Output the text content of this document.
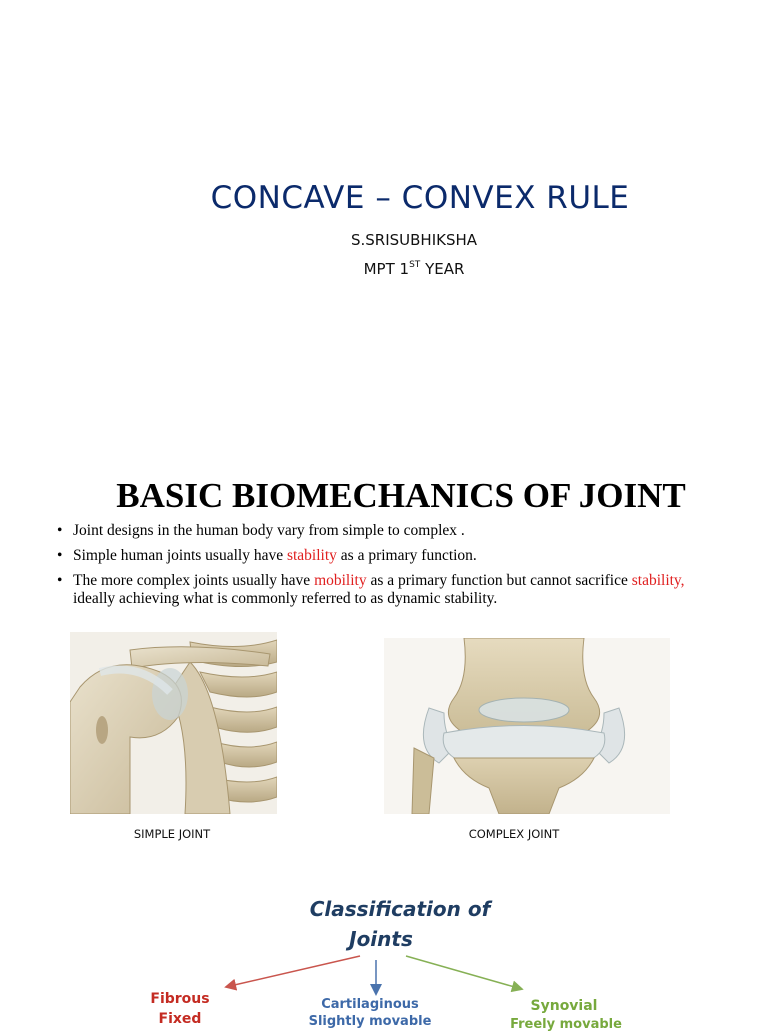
CONCAVE – CONVEX RULE
S.SRISUBHIKSHA
MPT 1ST YEAR
BASIC BIOMECHANICS OF JOINT
• Joint designs in the human body vary from simple to complex .
• Simple human joints usually have stability as a primary function.
• The more complex joints usually have mobility as a primary function but cannot sacrifice stability, ideally achieving what is commonly referred to as dynamic stability.
SIMPLE JOINT	COMPLEX JOINT
Classification of
Joints
Fibrous
Fixed
Cartilaginous
Slightly movable
Synovial
Freely movable
